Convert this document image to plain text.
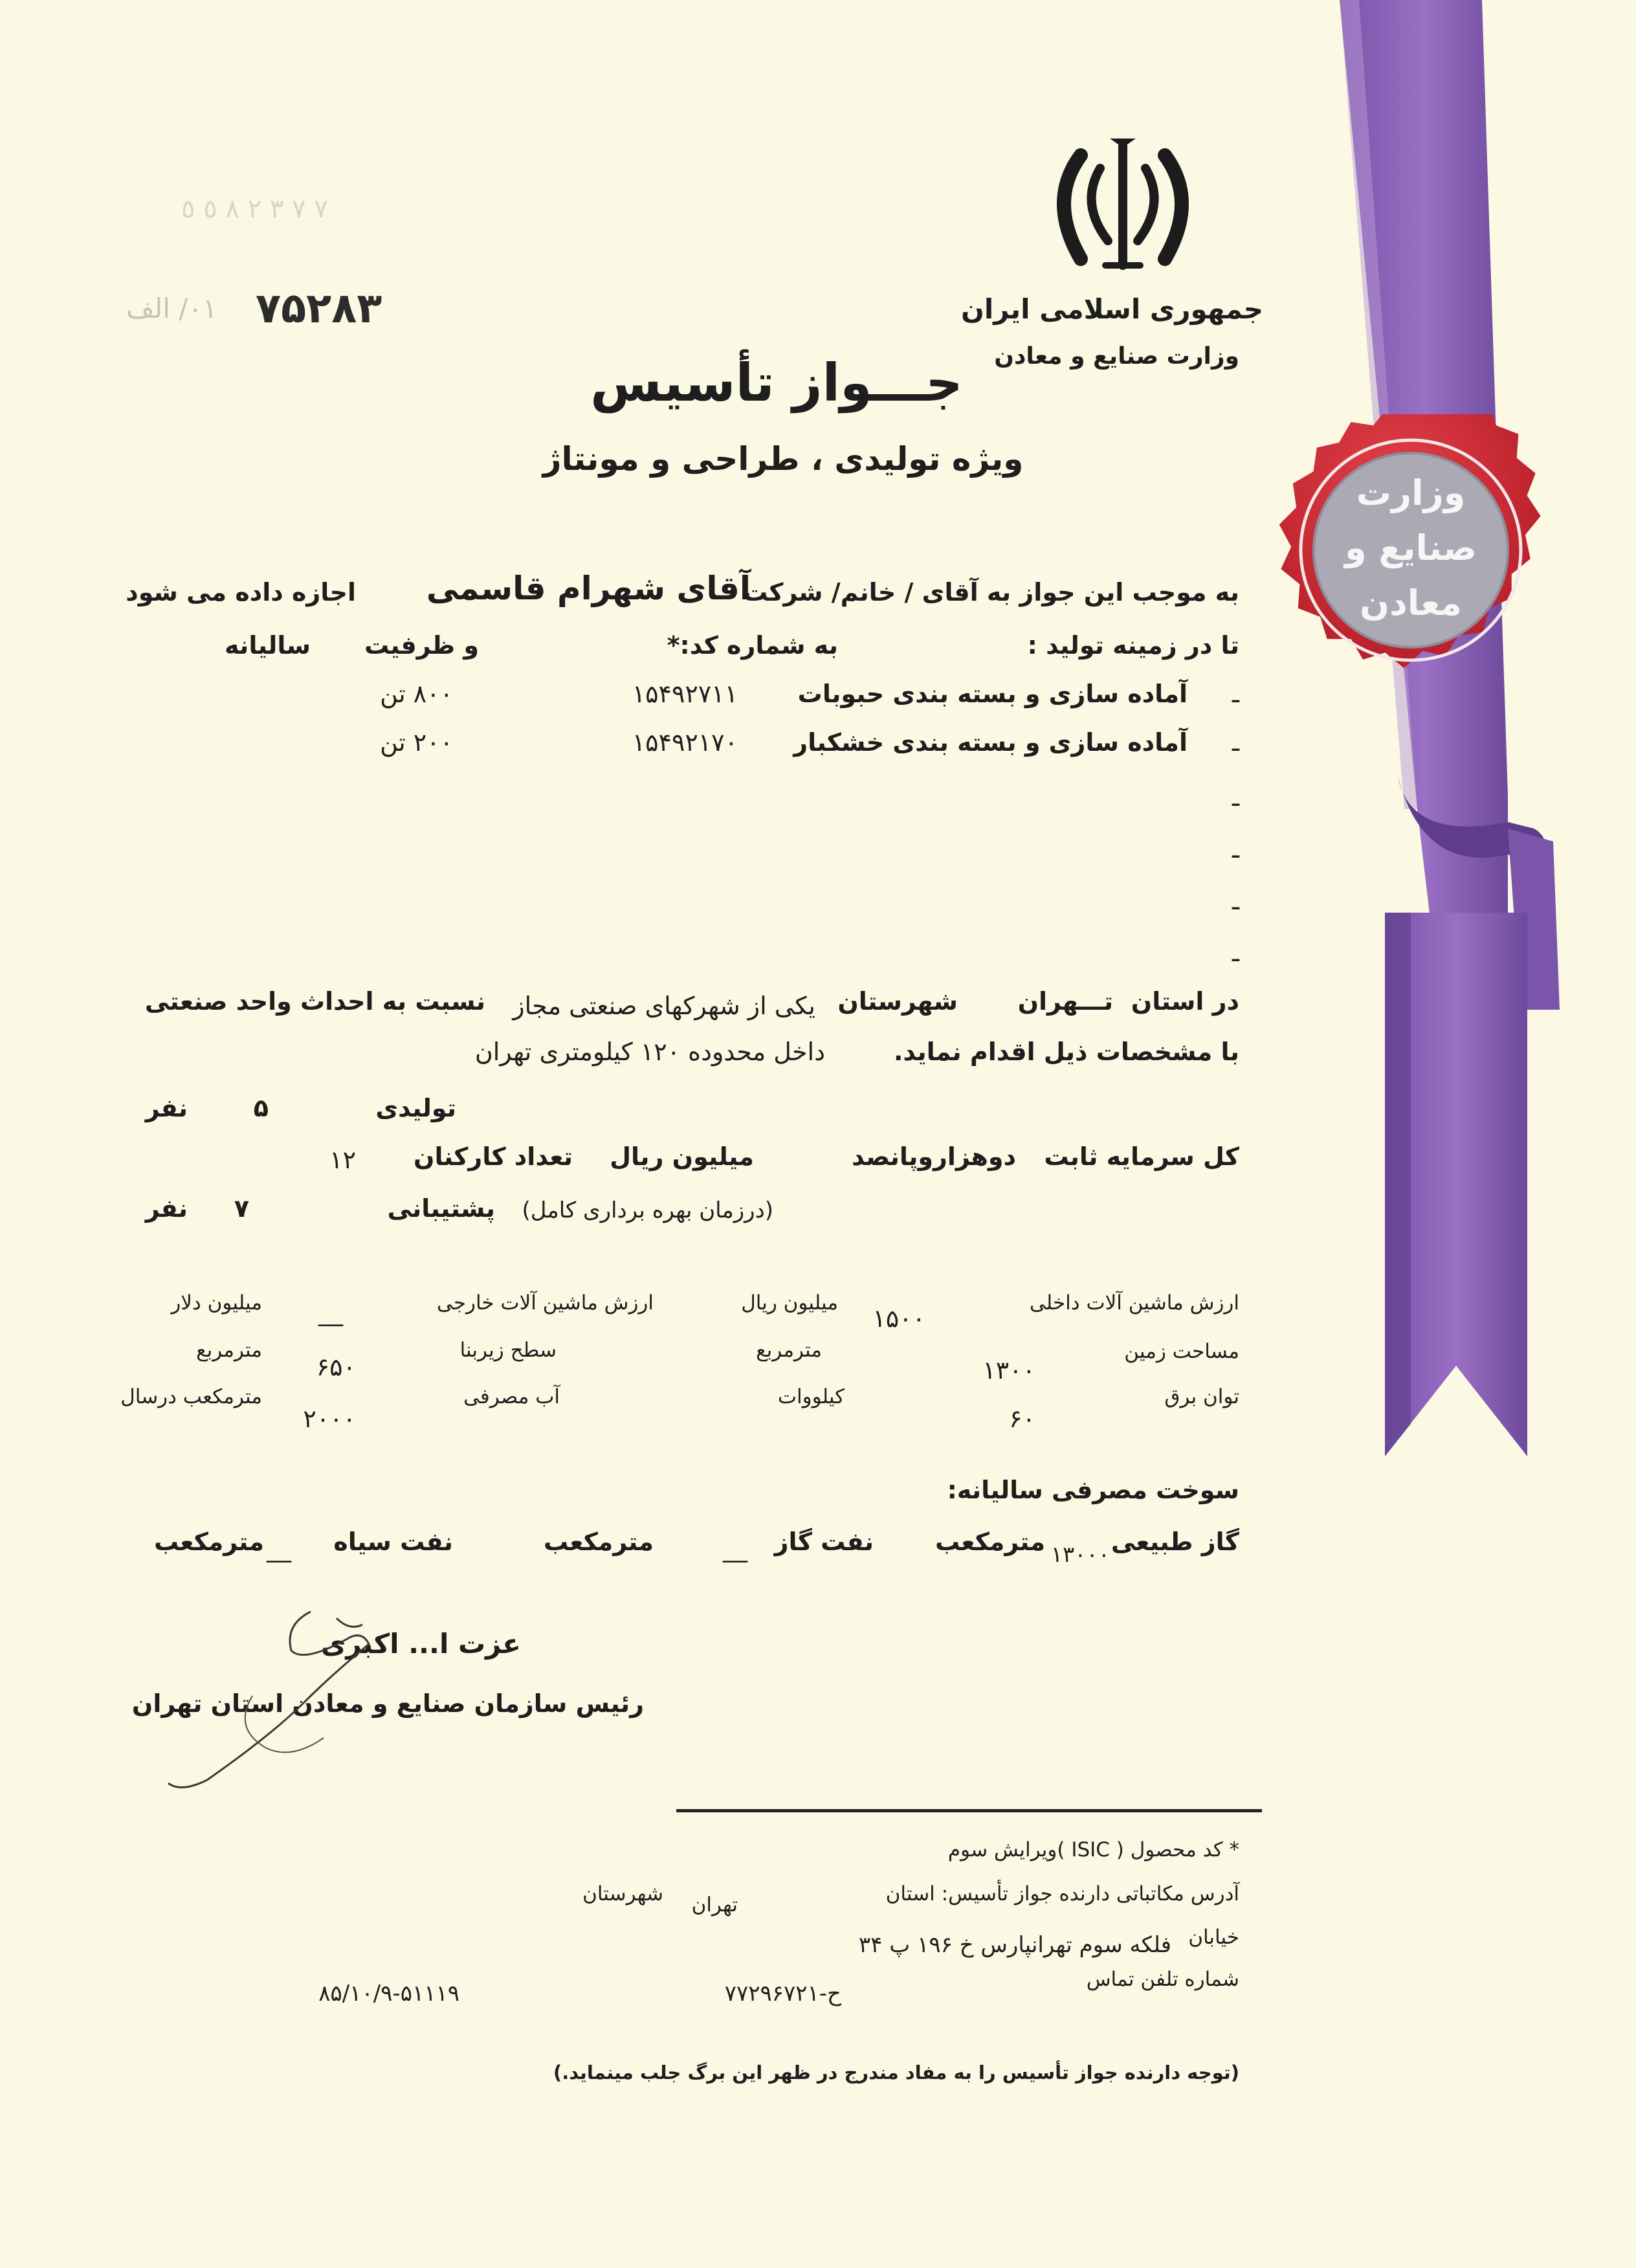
وزارت
صنایع و
معادن
٧ ٧ ٣ ٢ ٨ ٥ ٥
۷۵۲۸۳
۰۱/ الف	جمهوری اسلامی ایران
وزارت صنایع و معادن
جـــواز تأسیس
ویژه تولیدی ، طراحی و مونتاژ
به موجب این جواز به آقای / خانم/ شرکت
آقای شهرام قاسمی
اجازه داده می شود
تا در زمینه تولید :
به شماره کد:*
و ظرفیت
سالیانه
ـ
آماده سازی و بسته بندی حبوبات
۱۵۴۹۲۷۱۱
۸۰۰ تن
ـ
آماده سازی و بسته بندی خشکبار
۱۵۴۹۲۱۷۰
۲۰۰ تن
ـ
ـ
ـ
ـ
در استان
تـــهران
شهرستان
یکی از شهرکهای صنعتی مجاز
نسبت به احداث واحد صنعتی
با مشخصات ذیل اقدام نماید.
داخل محدوده ۱۲۰ کیلومتری تهران
تولیدی
۵
نفر
کل سرمایه ثابت
دوهزاروپانصد
میلیون ریال
تعداد کارکنان
۱۲
(درزمان بهره برداری کامل)
پشتیبانی
۷
نفر
ارزش ماشین آلات داخلی
۱۵۰۰
میلیون ریال
ارزش ماشین آلات خارجی
__
میلیون دلار
مساحت زمین
۱۳۰۰
مترمربع
سطح زیربنا
۶۵۰
مترمربع
توان برق
۶۰
کیلووات
آب مصرفی
۲۰۰۰
مترمکعب درسال
سوخت مصرفی سالیانه:
گاز طبیعی
۱۳۰۰۰
مترمکعب
نفت گاز
__
مترمکعب
نفت سیاه
__
مترمکعب
عزت ا... اکبری
رئیس سازمان صنایع و معادن استان تهران
* کد محصول ( ISIC )ویرایش سوم
آدرس مکاتباتی دارنده جواز تأسیس: استان
تهران
شهرستان
خیابان
فلکه سوم تهرانپارس خ ۱۹۶ پ ۳۴
شماره تلفن تماس
ح-۷۷۲۹۶۷۲۱
۸۵/۱۰/۹-۵۱۱۱۹
(توجه دارنده جواز تأسیس را به مفاد مندرج در ظهر این برگ جلب مینماید.)
